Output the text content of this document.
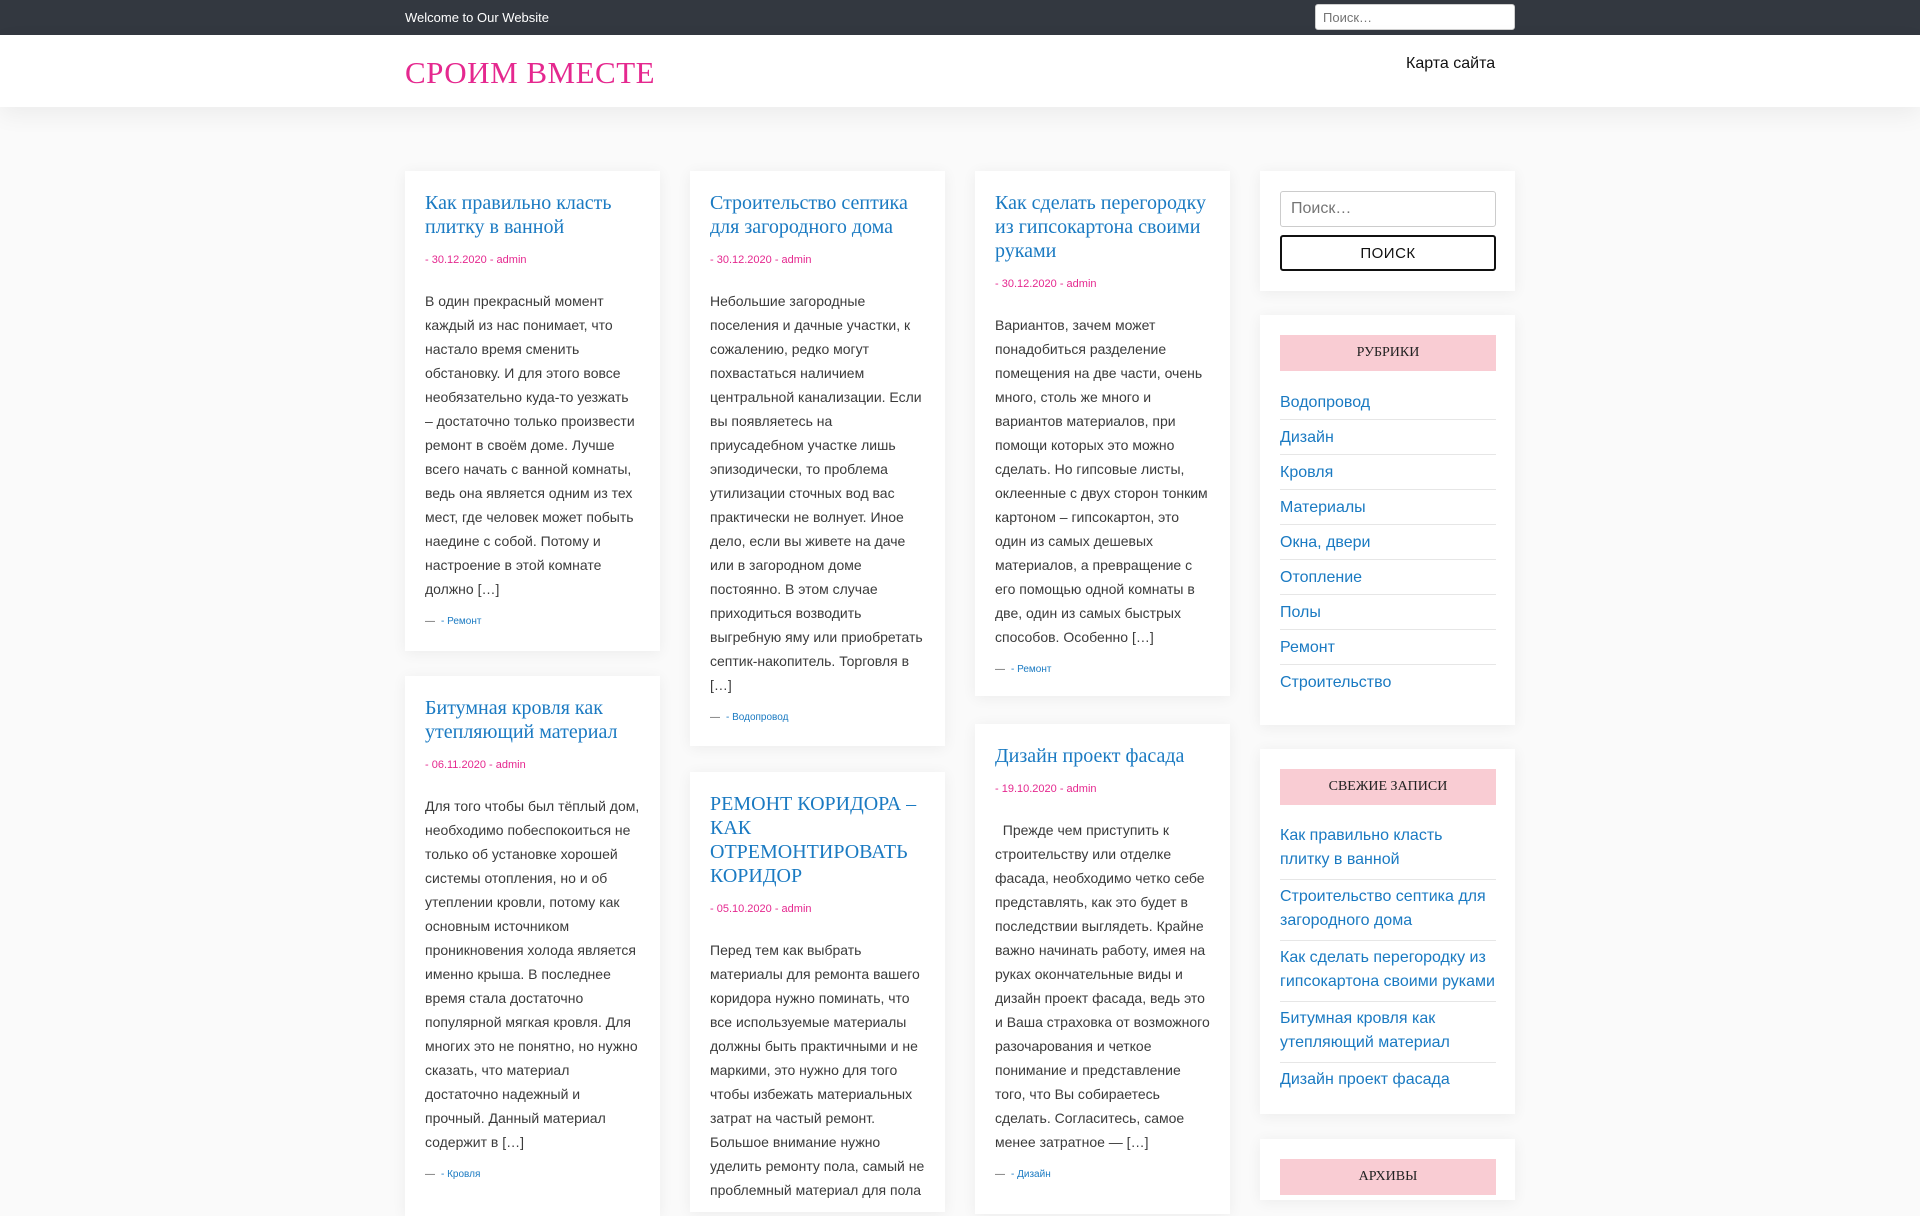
Welcome to Our Website
Поиск…
СРОИМ ВМЕСТЕ	Карта сайта
Как правильно класть плитку в ванной
- 30.12.2020 - admin
В один прекрасный момент каждый из нас понимает, что настало время сменить обстановку. И для этого вовсе необязательно куда-то уезжать – достаточно только произвести ремонт в своём доме. Лучше всего начать с ванной комнаты, ведь она является одним из тех мест, где человек может побыть наедине с собой. Потому и настроение в этой комнате должно […]
— - Ремонт
Битумная кровля как утепляющий материал
- 06.11.2020 - admin
Для того чтобы был тёплый дом, необходимо побеспокоиться не только об установке хорошей системы отопления, но и об утеплении кровли, потому как основным источником проникновения холода является именно крыша. В последнее время стала достаточно популярной мягкая кровля. Для многих это не понятно, но нужно сказать, что материал достаточно надежный и прочный. Данный материал содержит в […]
— - Кровля
Строительство септика для загородного дома
- 30.12.2020 - admin
Небольшие загородные поселения и дачные участки, к сожалению, редко могут похвастаться наличием центральной канализации. Если вы появляетесь на приусадебном участке лишь эпизодически, то проблема утилизации сточных вод вас практически не волнует. Иное дело, если вы живете на даче или в загородном доме постоянно. В этом случае приходиться возводить выгребную яму или приобретать септик-накопитель. Торговля в […]
— - Водопровод
РЕМОНТ КОРИДОРА – КАК ОТРЕМОНТИРОВАТЬ КОРИДОР
- 05.10.2020 - admin
Перед тем как выбрать материалы для ремонта вашего коридора нужно поминать, что все используемые материалы должны быть практичными и не маркими, это нужно для того чтобы избежать материальных затрат на частый ремонт. Большое внимание нужно уделить ремонту пола, самый не проблемный материал для пола
Как сделать перегородку из гипсокартона своими руками
- 30.12.2020 - admin
Вариантов, зачем может понадобиться разделение помещения на две части, очень много, столь же много и вариантов материалов, при помощи которых это можно сделать. Но гипсовые листы, оклеенные с двух сторон тонким картоном – гипсокартон, это один из самых дешевых материалов, а превращение с его помощью одной комнаты в две, один из самых быстрых способов. Особенно […]
— - Ремонт
Дизайн проект фасада
- 19.10.2020 - admin
Прежде чем приступить к строительству или отделке фасада, необходимо четко себе представлять, как это будет в последствии выглядеть. Крайне важно начинать работу, имея на руках окончательные виды и дизайн проект фасада, ведь это и Ваша страховка от возможного разочарования и четкое понимание и представление того, что Вы собираетесь сделать. Согласитесь, самое менее затратное — […]
— - Дизайн
Поиск…
ПОИСК
РУБРИКИ
Водопровод
Дизайн
Кровля
Материалы
Окна, двери
Отопление
Полы
Ремонт
Строительство
СВЕЖИЕ ЗАПИСИ
Как правильно класть плитку в ванной
Строительство септика для загородного дома
Как сделать перегородку из гипсокартона своими руками
Битумная кровля как утепляющий материал
Дизайн проект фасада
АРХИВЫ
